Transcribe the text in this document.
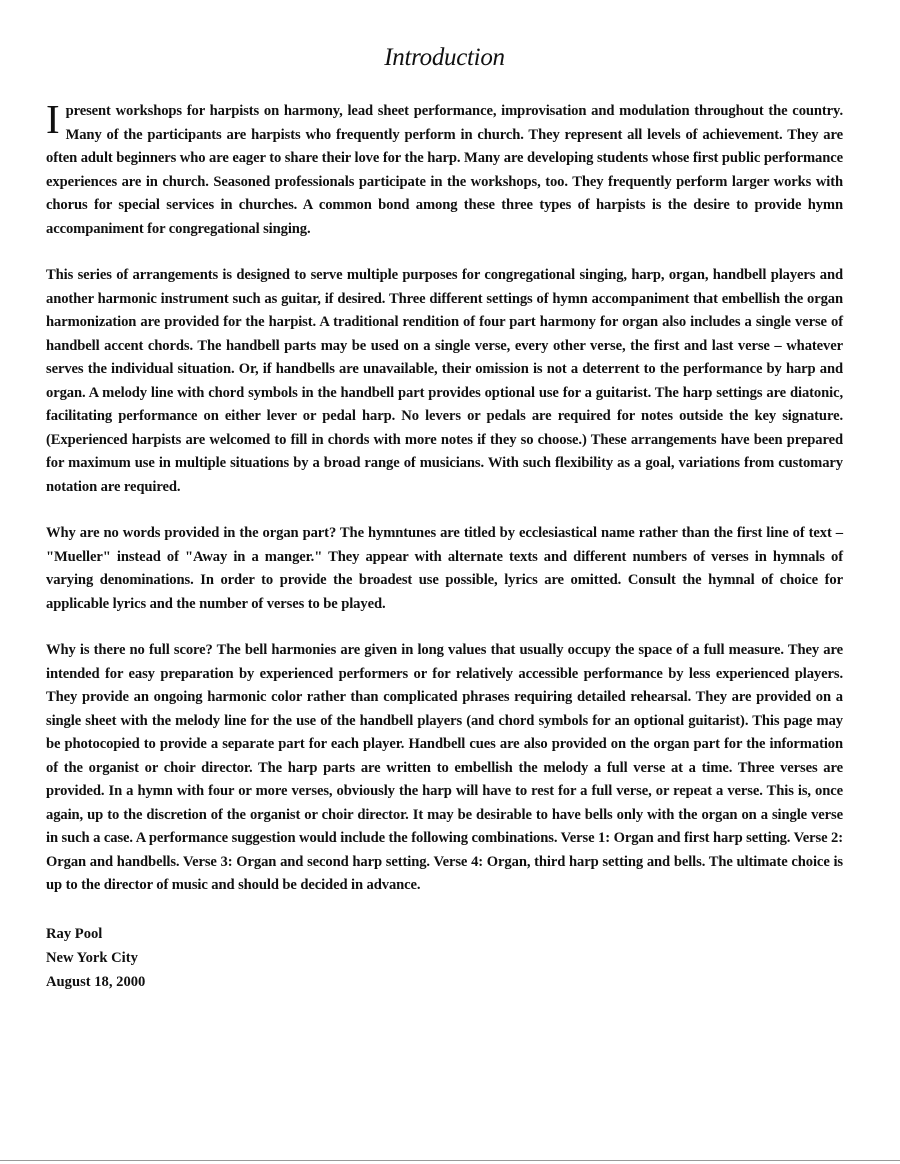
Introduction

I present workshops for harpists on harmony, lead sheet performance, improvisation and modulation throughout the country. Many of the participants are harpists who frequently perform in church. They represent all levels of achievement. They are often adult beginners who are eager to share their love for the harp. Many are developing students whose first public performance experiences are in church. Seasoned professionals participate in the workshops, too. They frequently perform larger works with chorus for special services in churches. A common bond among these three types of harpists is the desire to provide hymn accompaniment for congregational singing.

This series of arrangements is designed to serve multiple purposes for congregational singing, harp, organ, handbell players and another harmonic instrument such as guitar, if desired. Three different settings of hymn accompaniment that embellish the organ harmonization are provided for the harpist. A traditional rendition of four part harmony for organ also includes a single verse of handbell accent chords. The handbell parts may be used on a single verse, every other verse, the first and last verse – whatever serves the individual situation. Or, if handbells are unavailable, their omission is not a deterrent to the performance by harp and organ. A melody line with chord symbols in the handbell part provides optional use for a guitarist. The harp settings are diatonic, facilitating performance on either lever or pedal harp. No levers or pedals are required for notes outside the key signature. (Experienced harpists are welcomed to fill in chords with more notes if they so choose.) These arrangements have been prepared for maximum use in multiple situations by a broad range of musicians. With such flexibility as a goal, variations from customary notation are required.

Why are no words provided in the organ part? The hymntunes are titled by ecclesiastical name rather than the first line of text – "Mueller" instead of "Away in a manger." They appear with alternate texts and different numbers of verses in hymnals of varying denominations. In order to provide the broadest use possible, lyrics are omitted. Consult the hymnal of choice for applicable lyrics and the number of verses to be played.

Why is there no full score? The bell harmonies are given in long values that usually occupy the space of a full measure. They are intended for easy preparation by experienced performers or for relatively accessible performance by less experienced players. They provide an ongoing harmonic color rather than complicated phrases requiring detailed rehearsal. They are provided on a single sheet with the melody line for the use of the handbell players (and chord symbols for an optional guitarist). This page may be photocopied to provide a separate part for each player. Handbell cues are also provided on the organ part for the information of the organist or choir director. The harp parts are written to embellish the melody a full verse at a time. Three verses are provided. In a hymn with four or more verses, obviously the harp will have to rest for a full verse, or repeat a verse. This is, once again, up to the discretion of the organist or choir director. It may be desirable to have bells only with the organ on a single verse in such a case. A performance suggestion would include the following combinations. Verse 1: Organ and first harp setting. Verse 2: Organ and handbells. Verse 3: Organ and second harp setting. Verse 4: Organ, third harp setting and bells. The ultimate choice is up to the director of music and should be decided in advance.

Ray Pool
New York City
August 18, 2000
